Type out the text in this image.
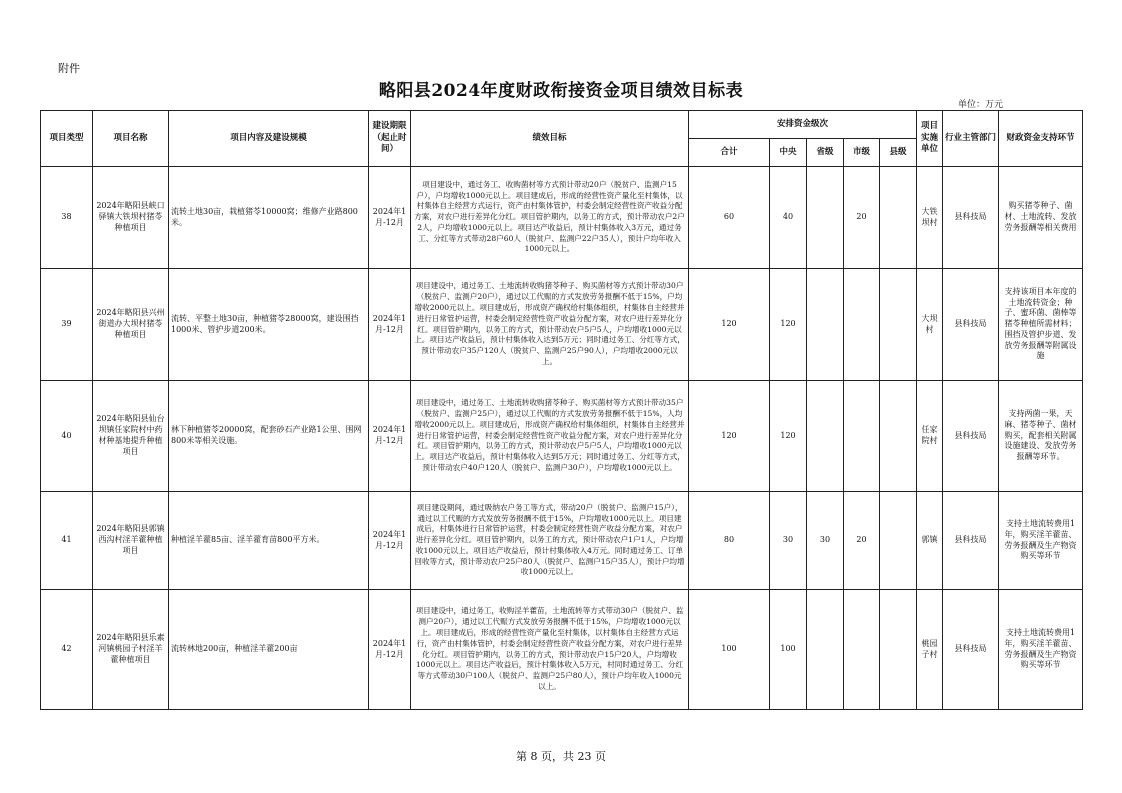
附件
略阳县2024年度财政衔接资金项目绩效目标表
单位：万元
项目类型	项目名称	项目内容及建设规模	建设期限（起止时间）	绩效目标	安排资金级次					项目实施单位	行业主管部门	财政资金支持环节
					合计	中央	省级	市级	县级			
38	2024年略阳县峡口驿镇大铁坝村猪苓种植项目	流转土地30亩，栽植猪苓10000窝；维修产业路800米。	2024年1月-12月	项目建设中，通过务工、收购菌材等方式预计带动20户（脱贫户、监测户15户），户均增收1000元以上。项目建成后，形成的经营性资产量化至村集体，以村集体自主经营方式运行，资产由村集体管护，村委会制定经营性资产收益分配方案，对农户进行差异化分红。项目管护期内，以务工的方式，预计带动农户2户2人，户均增收1000元以上。项目达产收益后，预计村集体收入3万元，通过务工、分红等方式带动28户60人（脱贫户、监测户22户35人），预计户均年收入1000元以上。	60	40		20		大铁坝村	县科技局	购买猪苓种子、菌材、土地流转、发放劳务报酬等相关费用
39	2024年略阳县兴州街道办大坝村猪苓种植项目	流转、平整土地30亩，种植猪苓28000窝，建设围挡1000米、管护步道200米。	2024年1月-12月	项目建设中，通过务工、土地流转收购猪苓种子、购买菌材等方式预计带动30户（脱贫户、监测户20户），通过以工代赈的方式发放劳务报酬不低于15%，户均增收2000元以上。项目建成后，形成资产确权给村集体组织，村集体自主经营并进行日常管护运营，村委会制定经营性资产收益分配方案，对农户进行差异化分红。项目管护期内，以务工的方式，预计带动农户5户5人，户均增收1000元以上。项目达产收益后，预计村集体收入达到5万元；同时通过务工、分红等方式，预计带动农户35户120人（脱贫户、监测户25户90人），户均增收2000元以上。	120	120				大坝村	县科技局	支持该项目本年度的土地流转资金；种子、蜜环菌、菌棒等猪苓种植所需材料；围挡及管护步道、发放劳务报酬等附属设施
40	2024年略阳县仙台坝镇任家院村中药材种基地提升种植项目	林下种植猪苓20000窝，配套砂石产业路1公里、围网800米等相关设施。	2024年1月-12月	项目建设中，通过务工、土地流转收购猪苓种子、购买菌材等方式预计带动35户（脱贫户、监测户25户），通过以工代赈的方式发放劳务报酬不低于15%，人均增收2000元以上。项目建成后，形成资产确权给村集体组织，村集体自主经营并进行日常管护运营，村委会制定经营性资产收益分配方案，对农户进行差异化分红。项目管护期内，以务工的方式，预计带动农户5户5人，户均增收1000元以上。项目达产收益后，预计村集体收入达到5万元；同时通过务工、分红等方式，预计带动农户40户120人（脱贫户、监测户30户），户均增收1000元以上。	120	120				任家院村	县科技局	支持两菌一果，天麻、猪苓种子、菌材购买，配套相关附属设施建设、发放劳务报酬等环节。
41	2024年略阳县郭镇西沟村淫羊藿种植项目	种植淫羊藿85亩、淫羊藿育苗800平方米。	2024年1月-12月	项目建设期间，通过吸纳农户务工等方式，带动20户（脱贫户、监测户15户），通过以工代赈的方式发放劳务报酬不低于15%，户均增收1000元以上。项目建成后，村集体进行日常管护运营，村委会制定经营性资产收益分配方案，对农户进行差异化分红。项目管护期内，以务工的方式，预计带动农户1户1人，户均增收1000元以上。项目达产收益后，预计村集体收入4万元。同时通过务工、订单回收等方式，预计带动农户25户80人（脱贫户、监测户15户35人），预计户均增收1000元以上。	80	30	30	20		郭镇	县科技局	支持土地流转费用1年，购买淫羊藿苗、劳务报酬及生产物资购买等环节
42	2024年略阳县乐素河镇桃园子村淫羊藿种植项目	流转林地200亩，种植淫羊藿200亩	2024年1月-12月	项目建设中，通过务工，收购淫羊藿苗，土地流转等方式带动30户（脱贫户、监测户20户），通过以工代赈方式发放劳务报酬不低于15%，户均增收1000元以上。项目建成后，形成的经营性资产量化至村集体，以村集体自主经营方式运行，资产由村集体管护，村委会制定经营性资产收益分配方案，对农户进行差异化分红。项目管护期内，以务工的方式，预计带动农户15户20人，户均增收1000元以上。项目达产收益后，预计村集体收入5万元，村同时通过务工、分红等方式带动30户100人（脱贫户、监测户25户80人），预计户均年收入1000元以上。	100	100				桃园子村	县科技局	支持土地流转费用1年，购买淫羊藿苗、劳务报酬及生产物资购买等环节
第 8 页，共 23 页
